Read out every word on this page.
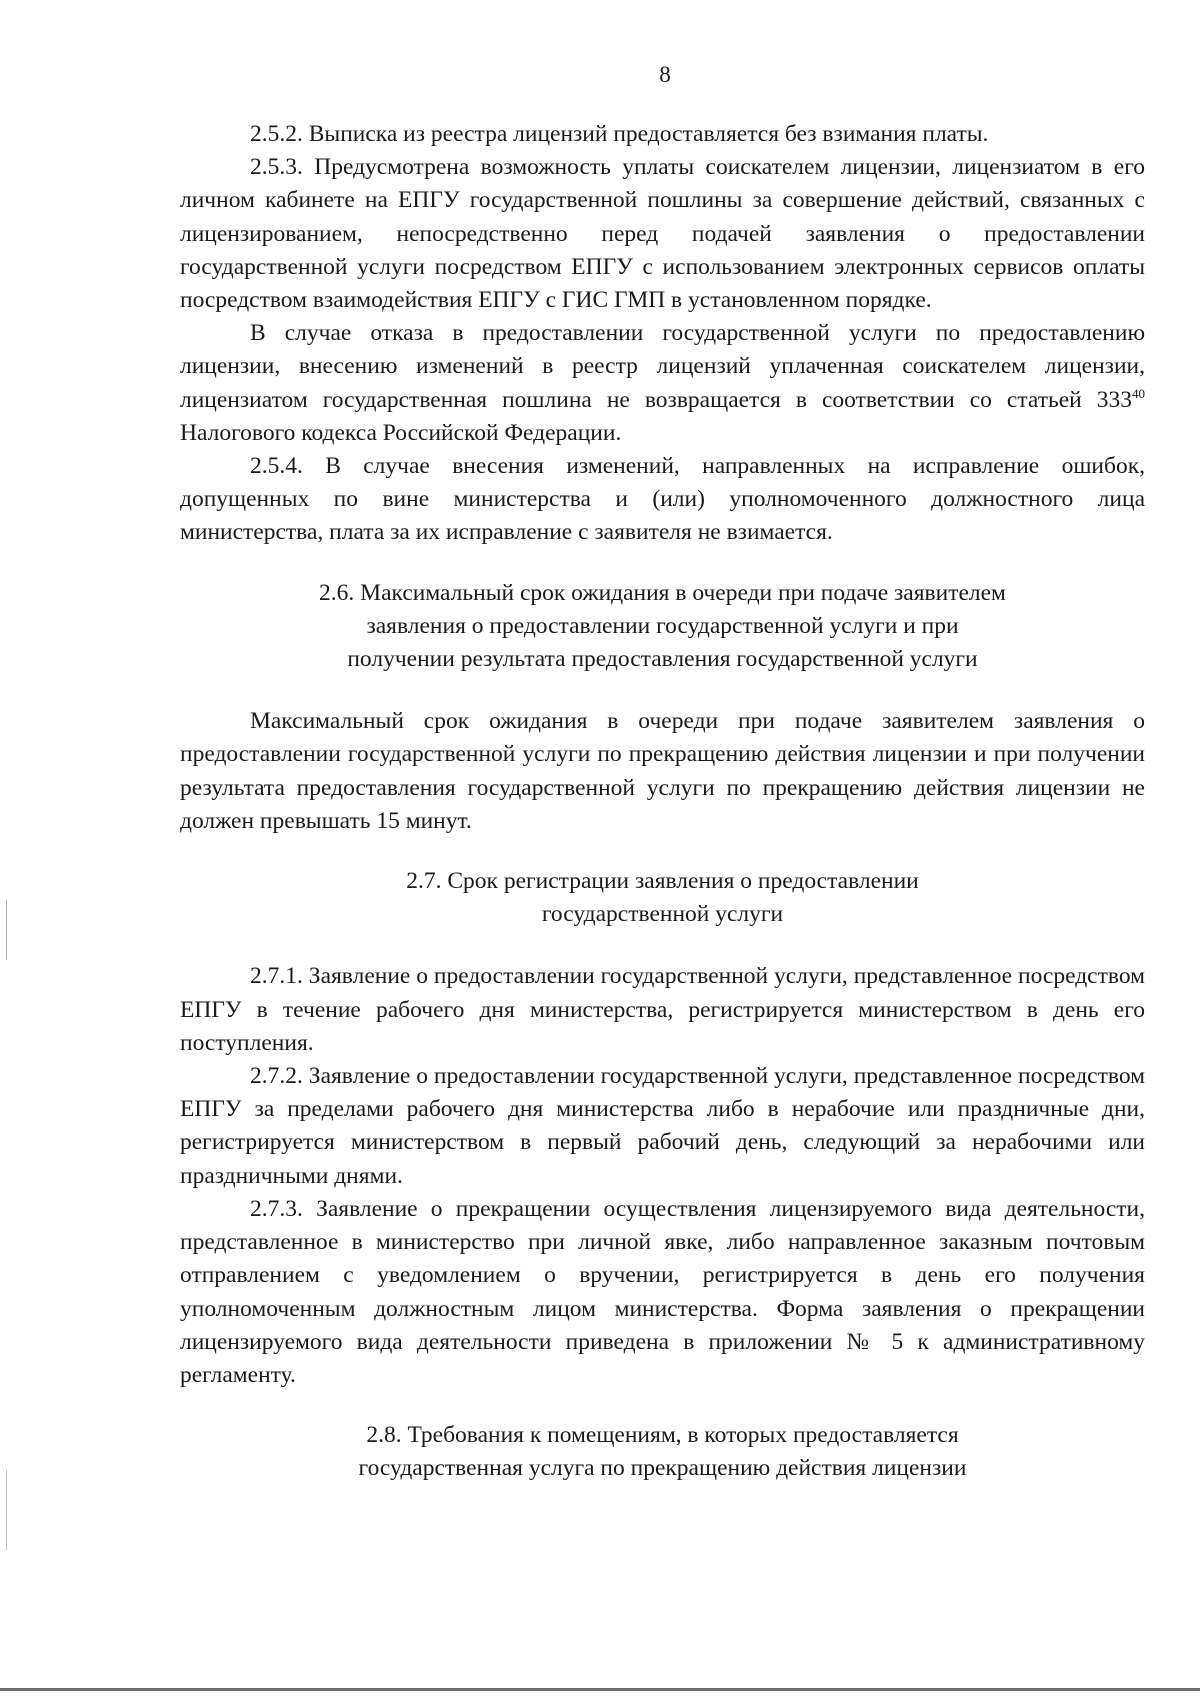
8

2.5.2. Выписка из реестра лицензий предоставляется без взимания платы.

2.5.3. Предусмотрена возможность уплаты соискателем лицензии, лицензиатом в его личном кабинете на ЕПГУ государственной пошлины за совершение действий, связанных с лицензированием, непосредственно перед подачей заявления о предоставлении государственной услуги посредством ЕПГУ с использованием электронных сервисов оплаты посредством взаимодействия ЕПГУ с ГИС ГМП в установленном порядке.

В случае отказа в предоставлении государственной услуги по предоставлению лицензии, внесению изменений в реестр лицензий уплаченная соискателем лицензии, лицензиатом государственная пошлина не возвращается в соответствии со статьей $333^{40}$ Налогового кодекса Российской Федерации.

2.5.4. В случае внесения изменений, направленных на исправление ошибок, допущенных по вине министерства и (или) уполномоченного должностного лица министерства, плата за их исправление с заявителя не взимается.

2.6. Максимальный срок ожидания в очереди при подаче заявителем
заявления о предоставлении государственной услуги и при
получении результата предоставления государственной услуги

Максимальный срок ожидания в очереди при подаче заявителем заявления о предоставлении государственной услуги по прекращению действия лицензии и при получении результата предоставления государственной услуги по прекращению действия лицензии не должен превышать 15 минут.

2.7. Срок регистрации заявления о предоставлении
государственной услуги

2.7.1. Заявление о предоставлении государственной услуги, представленное посредством ЕПГУ в течение рабочего дня министерства, регистрируется министерством в день его поступления.

2.7.2. Заявление о предоставлении государственной услуги, представленное посредством ЕПГУ за пределами рабочего дня министерства либо в нерабочие или праздничные дни, регистрируется министерством в первый рабочий день, следующий за нерабочими или праздничными днями.

2.7.3. Заявление о прекращении осуществления лицензируемого вида деятельности, представленное в министерство при личной явке, либо направленное заказным почтовым отправлением с уведомлением о вручении, регистрируется в день его получения уполномоченным должностным лицом министерства. Форма заявления о прекращении лицензируемого вида деятельности приведена в приложении № 5 к административному регламенту.

2.8. Требования к помещениям, в которых предоставляется
государственная услуга по прекращению действия лицензии
